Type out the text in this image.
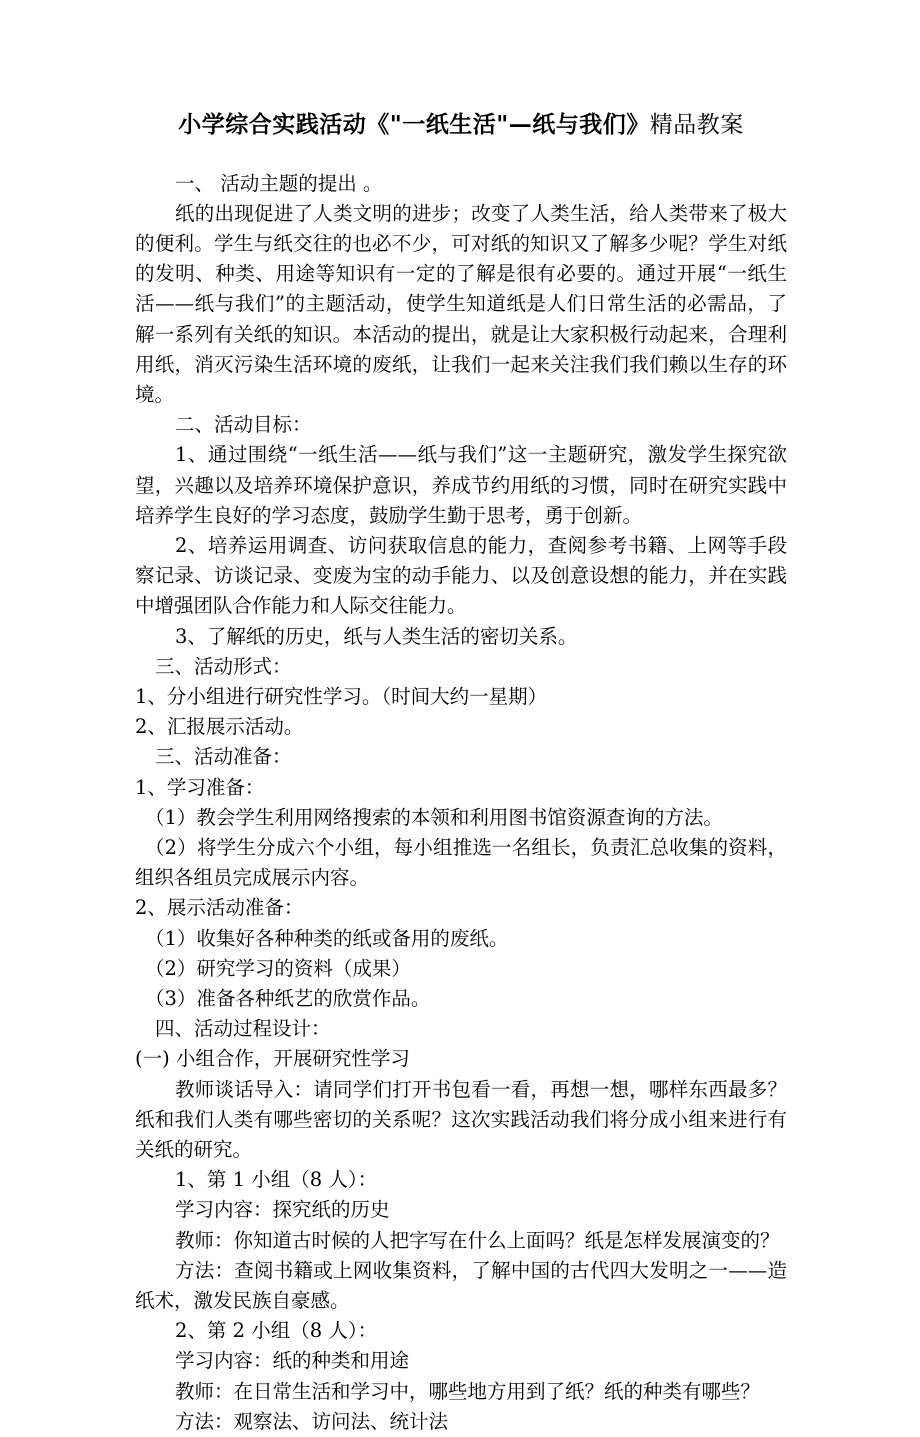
小学综合实践活动《"一纸生活"—纸与我们》精品教案

一、 活动主题的提出 。

纸的出现促进了人类文明的进步；改变了人类生活，给人类带来了极大的便利。学生与纸交往的也必不少，可对纸的知识又了解多少呢？学生对纸的发明、种类、用途等知识有一定的了解是很有必要的。通过开展“一纸生活——纸与我们”的主题活动，使学生知道纸是人们日常生活的必需品，了解一系列有关纸的知识。本活动的提出，就是让大家积极行动起来，合理利用纸，消灭污染生活环境的废纸，让我们一起来关注我们我们赖以生存的环境。

二、活动目标：

1、通过围绕“一纸生活——纸与我们”这一主题研究，激发学生探究欲望，兴趣以及培养环境保护意识，养成节约用纸的习惯，同时在研究实践中培养学生良好的学习态度，鼓励学生勤于思考，勇于创新。

2、培养运用调查、访问获取信息的能力，查阅参考书籍、上网等手段察记录、访谈记录、变废为宝的动手能力、以及创意设想的能力，并在实践中增强团队合作能力和人际交往能力。

3、了解纸的历史，纸与人类生活的密切关系。

三、活动形式：

1、分小组进行研究性学习。（时间大约一星期）

2、汇报展示活动。

三、活动准备：

1、学习准备：

（1）教会学生利用网络搜索的本领和利用图书馆资源查询的方法。

（2）将学生分成六个小组，每小组推选一名组长，负责汇总收集的资料，组织各组员完成展示内容。

2、展示活动准备：

（1）收集好各种种类的纸或备用的废纸。

（2）研究学习的资料（成果）

（3）准备各种纸艺的欣赏作品。

四、活动过程设计：

(一) 小组合作，开展研究性学习

教师谈话导入：请同学们打开书包看一看，再想一想，哪样东西最多？纸和我们人类有哪些密切的关系呢？这次实践活动我们将分成小组来进行有关纸的研究。

1、第 1 小组（8 人）：

学习内容：探究纸的历史

教师：你知道古时候的人把字写在什么上面吗？纸是怎样发展演变的？

方法：查阅书籍或上网收集资料，了解中国的古代四大发明之一——造纸术，激发民族自豪感。

2、第 2 小组（8 人）：

学习内容：纸的种类和用途

教师：在日常生活和学习中，哪些地方用到了纸？纸的种类有哪些？

方法：观察法、访问法、统计法
